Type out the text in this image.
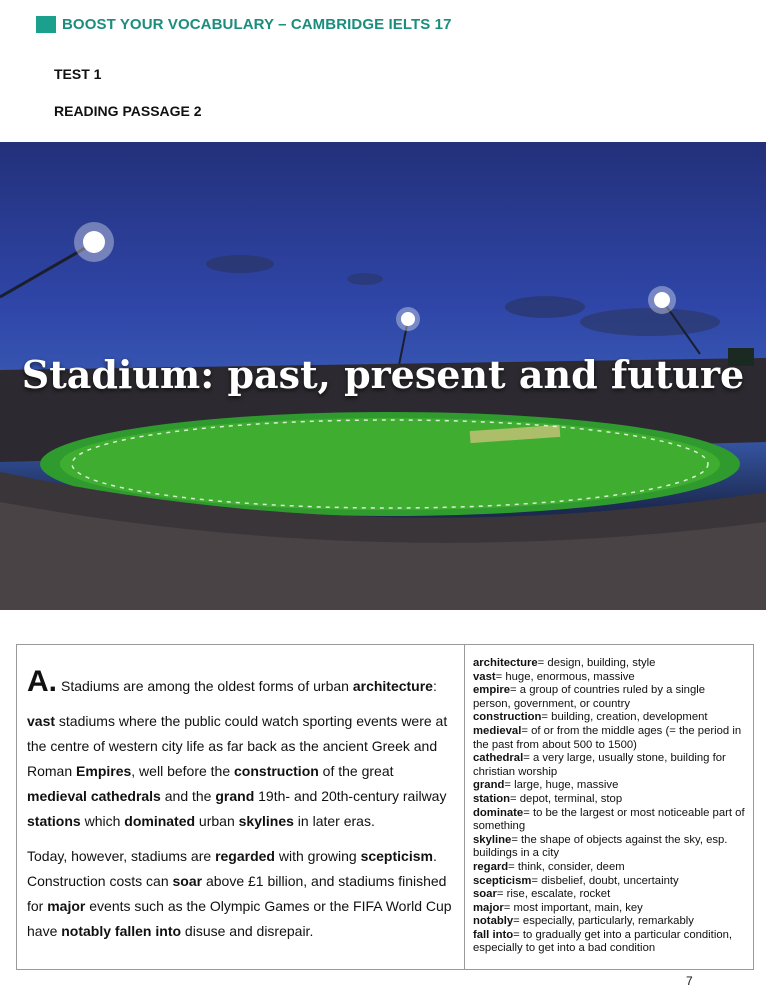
BOOST YOUR VOCABULARY – CAMBRIDGE IELTS 17
TEST 1
READING PASSAGE 2
Stadium: past, present and future

A. Stadiums are among the oldest forms of urban architecture:

vast stadiums where the public could watch sporting events were at the centre of western city life as far back as the ancient Greek and Roman Empires, well before the construction of the great medieval cathedrals and the grand 19th- and 20th-century railway stations which dominated urban skylines in later eras.

Today, however, stadiums are regarded with growing scepticism. Construction costs can soar above £1 billion, and stadiums finished for major events such as the Olympic Games or the FIFA World Cup have notably fallen into disuse and disrepair.

architecture= design, building, style

vast= huge, enormous, massive

empire= a group of countries ruled by a single person, government, or country

construction= building, creation, development

medieval= of or from the middle ages (= the period in the past from about 500 to 1500)

cathedral= a very large, usually stone, building for christian worship

grand= large, huge, massive

station= depot, terminal, stop

dominate= to be the largest or most noticeable part of something

skyline= the shape of objects against the sky, esp. buildings in a city

regard= think, consider, deem

scepticism= disbelief, doubt, uncertainty

soar= rise, escalate, rocket

major= most important, main, key

notably= especially, particularly, remarkably

fall into= to gradually get into a particular condition, especially to get into a bad condition

7
